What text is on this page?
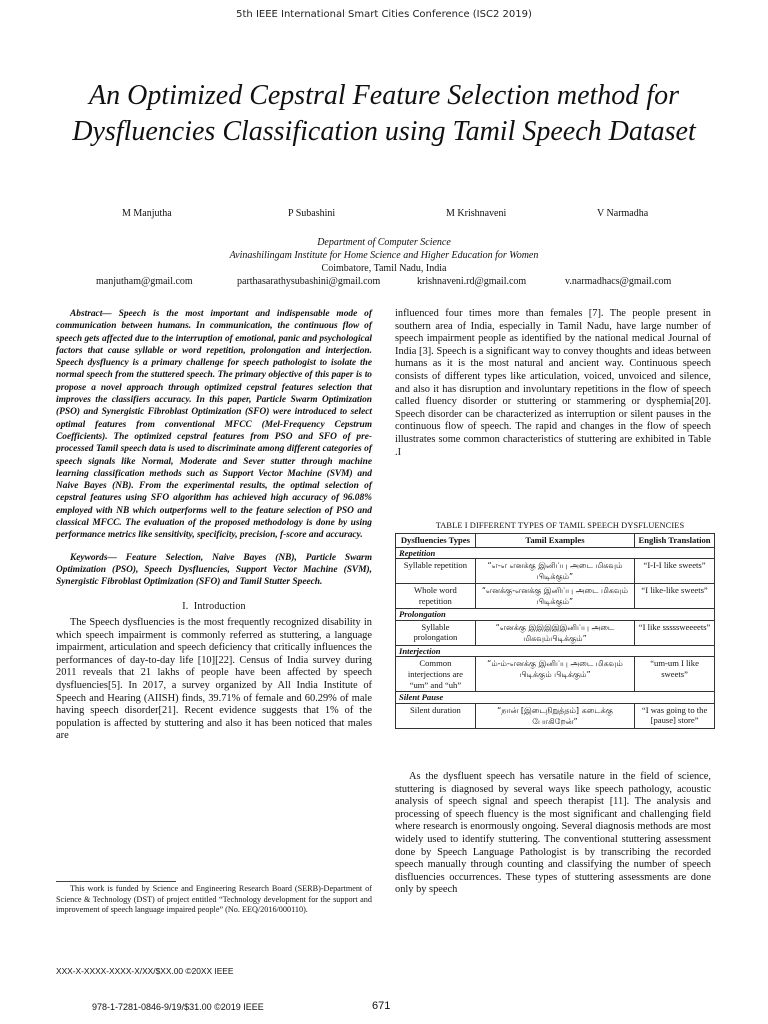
5th IEEE International Smart Cities Conference (ISC2 2019)
An Optimized Cepstral Feature Selection method for Dysfluencies Classification using Tamil Speech Dataset
M Manjutha	P Subashini	M Krishnaveni	V Narmadha
Department of Computer Science
Avinashilingam Institute for Home Science and Higher Education for Women
Coimbatore, Tamil Nadu, India
manjutham@gmail.com	parthasarathysubashini@gmail.com	krishnaveni.rd@gmail.com	v.narmadhacs@gmail.com

Abstract— Speech is the most important and indispensable mode of communication between humans. In communication, the continuous flow of speech gets affected due to the interruption of emotional, panic and psychological factors that cause syllable or word repetition, prolongation and interjection. Speech dysfluency is a primary challenge for speech pathologist to isolate the normal speech from the stuttered speech. The primary objective of this paper is to propose a novel approach through optimized cepstral features selection that improves the classifiers accuracy. In this paper, Particle Swarm Optimization (PSO) and Synergistic Fibroblast Optimization (SFO) were introduced to select optimal features from conventional MFCC (Mel-Frequency Cepstrum Coefficients). The optimized cepstral features from PSO and SFO of pre-processed Tamil speech data is used to discriminate among different categories of speech signals like Normal, Moderate and Sever stutter through machine learning classification methods such as Support Vector Machine (SVM) and Naive Bayes (NB). From the experimental results, the optimal selection of cepstral features using SFO algorithm has achieved high accuracy of 96.08% employed with NB which outperforms well to the feature selection of PSO and classical MFCC. The evaluation of the proposed methodology is done by using performance metrics like sensitivity, specificity, precision, f-score and accuracy.

Keywords— Feature Selection, Naive Bayes (NB), Particle Swarm Optimization (PSO), Speech Dysfluencies, Support Vector Machine (SVM), Synergistic Fibroblast Optimization (SFO) and Tamil Stutter Speech.

I. Introduction

The Speech dysfluencies is the most frequently recognized disability in which speech impairment is commonly referred as stuttering, a language impairment, articulation and speech deficiency that critically influences the performances of day-to-day life [10][22]. Census of India survey during 2011 reveals that 21 lakhs of people have been affected by speech dysfluencies[5]. In 2017, a survey organized by All India Institute of Speech and Hearing (AIISH) finds, 39.71% of female and 60.29% of male having speech disorder[21]. Recent evidence suggests that 1% of the population is affected by stuttering and also it has been noticed that males are

This work is funded by Science and Engineering Research Board (SERB)-Department of Science & Technology (DST) of project entitled “Technology development for the support and improvement of speech language impaired people” (No. EEQ/2016/000110).
XXX-X-XXXX-XXXX-X/XX/$XX.00 ©20XX IEEE
978-1-7281-0846-9/19/$31.00 ©2019 IEEE	671

influenced four times more than females [7]. The people present in southern area of India, especially in Tamil Nadu, have large number of speech impairment people as identified by the national medical Journal of India [3]. Speech is a significant way to convey thoughts and ideas between humans as it is the most natural and ancient way. Continuous speech consists of different types like articulation, voiced, unvoiced and silence, and also it has disruption and involuntary repetitions in the flow of speech called fluency disorder or stuttering or stammering or dysphemia[20]. Speech disorder can be characterized as interruption or silent pauses in the continuous flow of speech. The rapid and changes in the flow of speech illustrates some common characteristics of stuttering are exhibited in Table .I

TABLE I DIFFERENT TYPES OF TAMIL SPEECH DYSFLUENCIES
Dysfluencies Types	Tamil Examples	English Translation
Repetition		
Syllable repetition	“எ-எ எனக்கு இனிப்பு அடை மிகவும் பிடிக்கும்”	“I-I-I like sweets”
Whole word repetition	“எனக்கு-எனக்கு இனிப்பு அடை மிகவும் பிடிக்கும்”	“I like-like sweets”
Prolongation		
Syllable prolongation	“எனக்கு இஇஇஇஇனிப்பு அடை மிகவும்பிடிக்கும்”	“I like sssssweeeets”
Interjection		
Common interjections are “um” and “uh”	“ம்-ம்-எனக்கு இனிப்பு அடை மிகவும் பிடிக்கும் பிடிக்கும்”	“um-um I like sweets”
Silent Pause		
Silent duration	“நான் [இடைநிறுத்தம்] கடைக்கு போகிறேன்”	“I was going to the [pause] store”

As the dysfluent speech has versatile nature in the field of science, stuttering is diagnosed by several ways like speech pathology, acoustic analysis of speech signal and speech therapist [11]. The analysis and processing of speech fluency is the most significant and challenging field where research is enormously ongoing. Several diagnosis methods are most widely used to identify stuttering. The conventional stuttering assessment done by Speech Language Pathologist is by transcribing the recorded speech manually through counting and classifying the number of speech disfluencies occurrences. These types of stuttering assessments are done only by speech
